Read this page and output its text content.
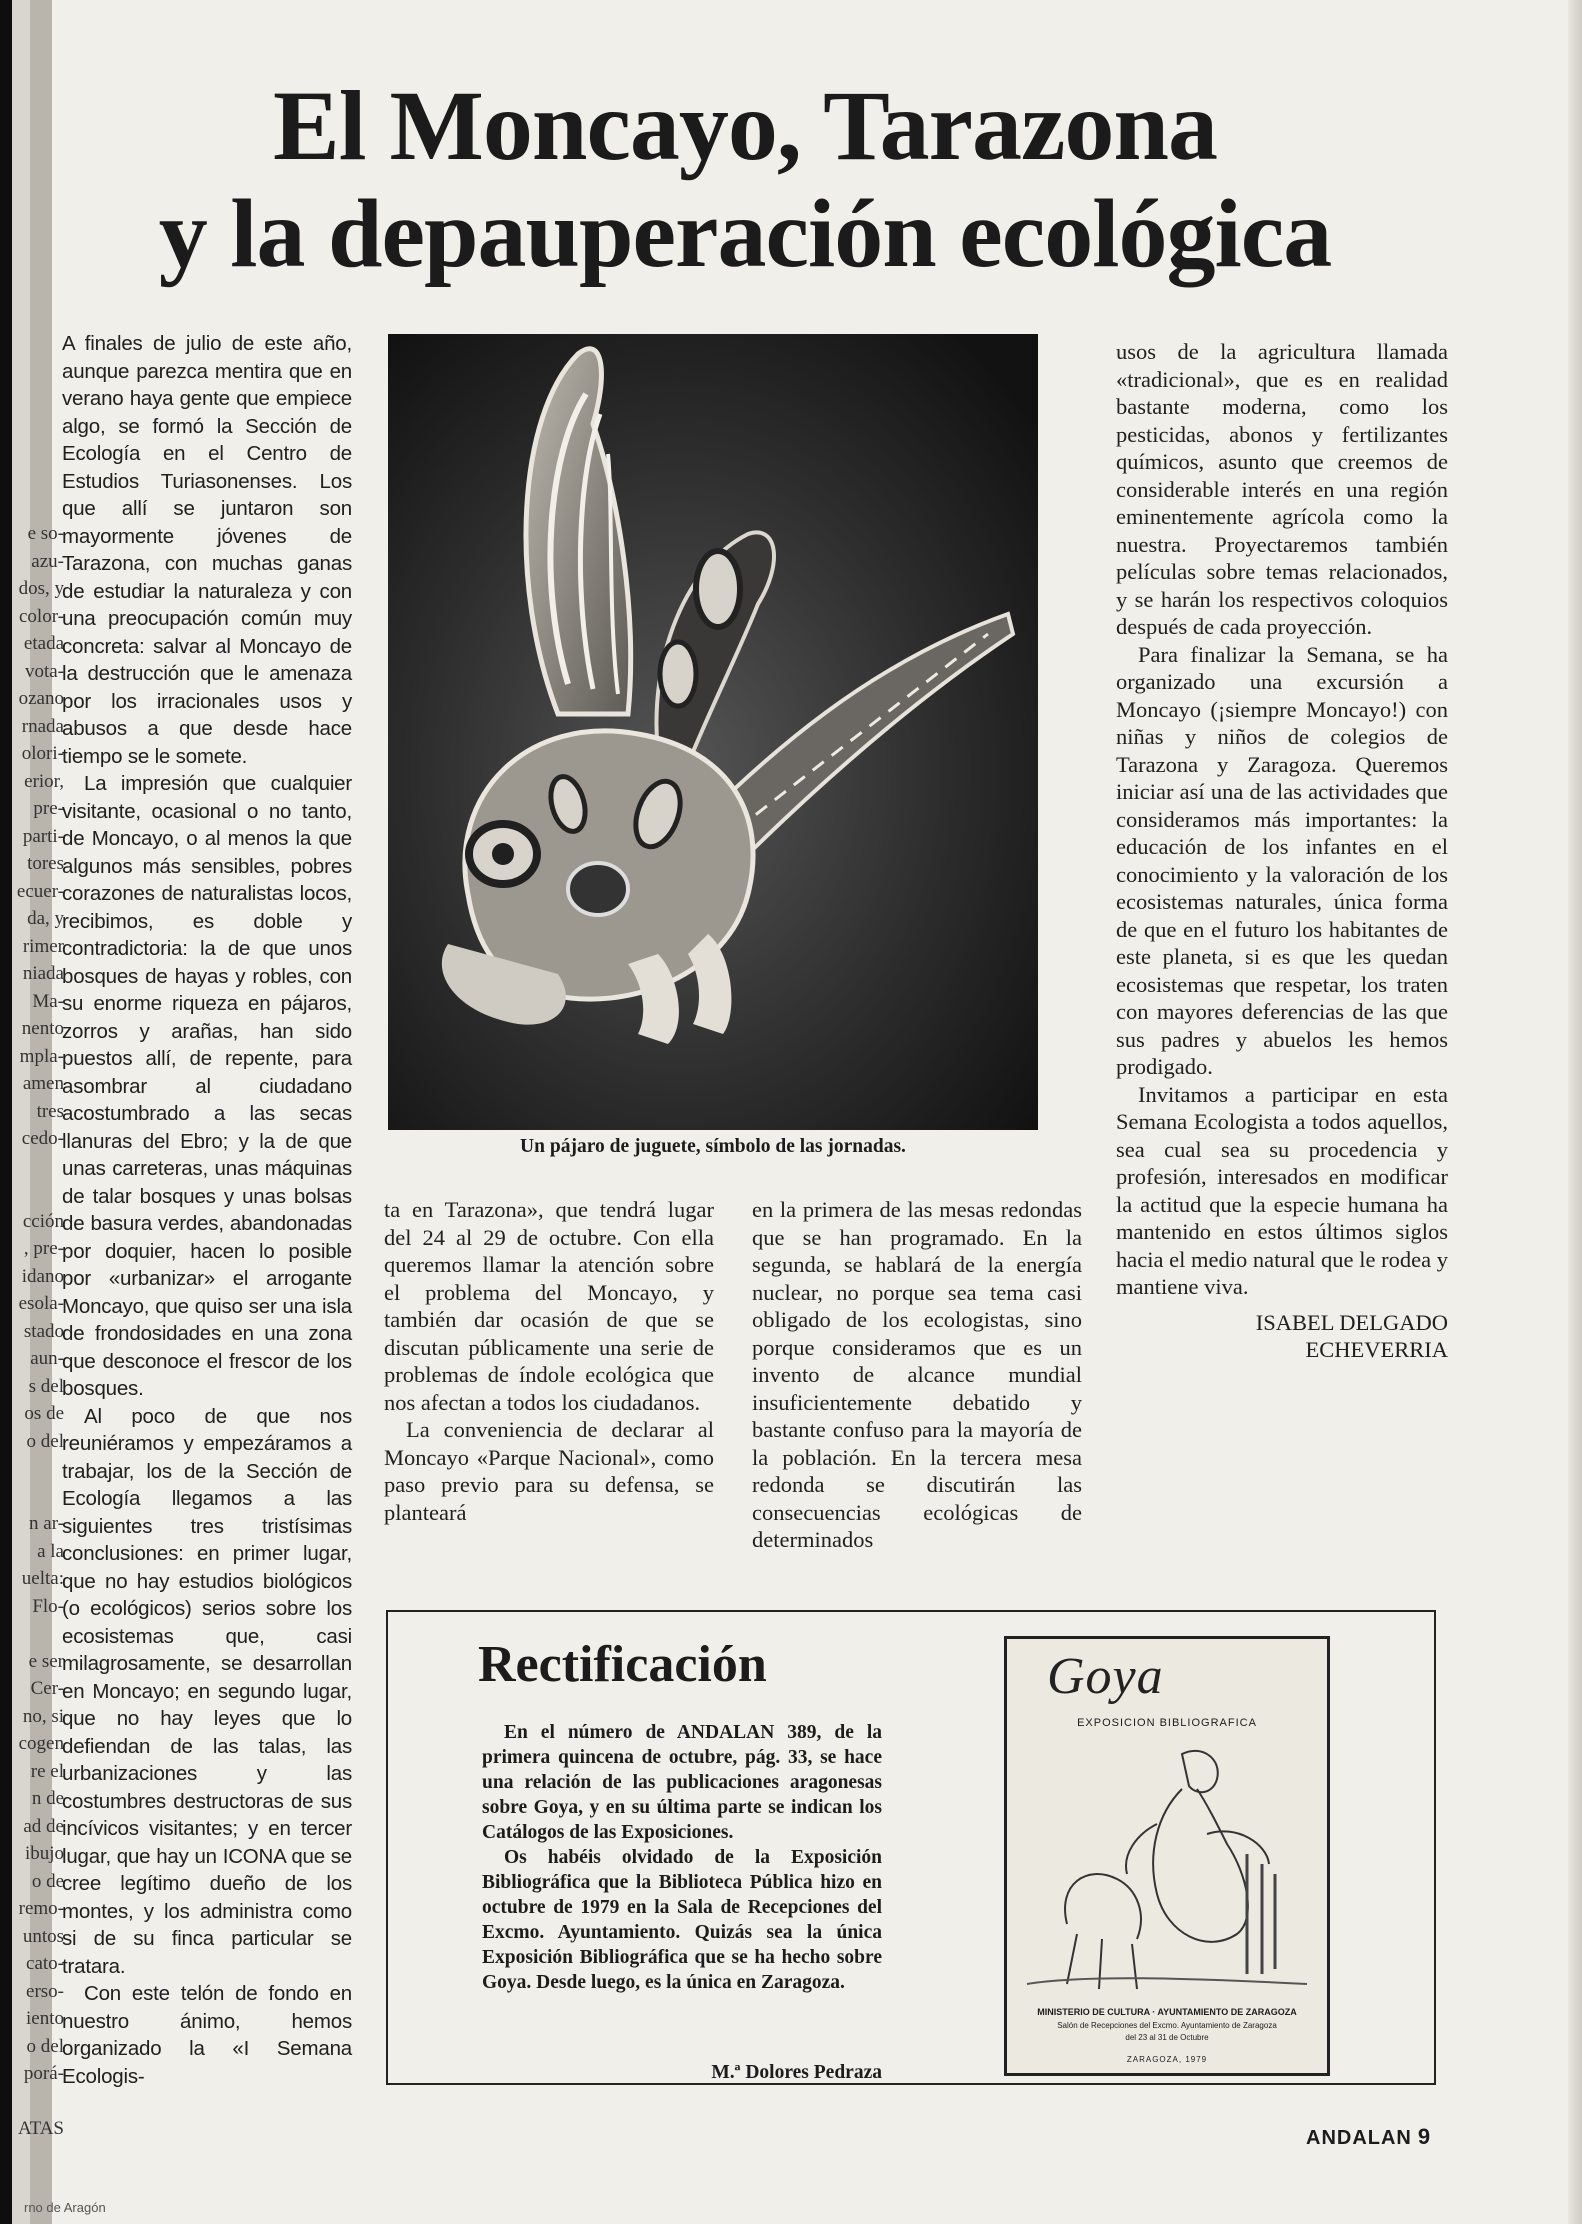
e so-
azu-
dos, y
color-
etada
vota-
ozano
rnada
olori-
erior,
pre-
parti-
tores
ecuer-
da, y
rimer
niada
Ma-
nento
mpla-
amen
tres
cedo-

cción
, pre-
idano
esola-
stado
aun-
s del
os de
o del

n ar-
a la
uelta:
Flo-

e ser
Cer-
no, si
cogen
re el
n de
ad de
ibujo
o de
remo-
untos
cato-
erso-
iento
o del
porá-

ATAS
El Moncayo, Tarazona
y la depauperación ecológica

A finales de julio de este año, aunque parezca mentira que en verano haya gente que empiece algo, se formó la Sección de Ecología en el Centro de Estudios Turiasonenses. Los que allí se juntaron son mayormente jóvenes de Tarazona, con muchas ganas de estudiar la naturaleza y con una preocupación común muy concreta: salvar al Moncayo de la destrucción que le amenaza por los irracionales usos y abusos a que desde hace tiempo se le somete.

La impresión que cualquier visitante, ocasional o no tanto, de Moncayo, o al menos la que algunos más sensibles, pobres corazones de naturalistas locos, recibimos, es doble y contradictoria: la de que unos bosques de hayas y robles, con su enorme riqueza en pájaros, zorros y arañas, han sido puestos allí, de repente, para asombrar al ciudadano acostumbrado a las secas llanuras del Ebro; y la de que unas carreteras, unas máquinas de talar bosques y unas bolsas de basura verdes, abandonadas por doquier, hacen lo posible por «urbanizar» el arrogante Moncayo, que quiso ser una isla de frondosidades en una zona que desconoce el frescor de los bosques.

Al poco de que nos reuniéramos y empezáramos a trabajar, los de la Sección de Ecología llegamos a las siguientes tres tristísimas conclusiones: en primer lugar, que no hay estudios biológicos (o ecológicos) serios sobre los ecosistemas que, casi milagrosamente, se desarrollan en Moncayo; en segundo lugar, que no hay leyes que lo defiendan de las talas, las urbanizaciones y las costumbres destructoras de sus incívicos visitantes; y en tercer lugar, que hay un ICONA que se cree legítimo dueño de los montes, y los administra como si de su finca particular se tratara.

Con este telón de fondo en nuestro ánimo, hemos organizado la «I Semana Ecologis-

Un pájaro de juguete, símbolo de las jornadas.

ta en Tarazona», que tendrá lugar del 24 al 29 de octubre. Con ella queremos llamar la atención sobre el problema del Moncayo, y también dar ocasión de que se discutan públicamente una serie de problemas de índole ecológica que nos afectan a todos los ciudadanos.

La conveniencia de declarar al Moncayo «Parque Nacional», como paso previo para su defensa, se planteará

en la primera de las mesas redondas que se han programado. En la segunda, se hablará de la energía nuclear, no porque sea tema casi obligado de los ecologistas, sino porque consideramos que es un invento de alcance mundial insuficientemente debatido y bastante confuso para la mayoría de la población. En la tercera mesa redonda se discutirán las consecuencias ecológicas de determinados

usos de la agricultura llamada «tradicional», que es en realidad bastante moderna, como los pesticidas, abonos y fertilizantes químicos, asunto que creemos de considerable interés en una región eminentemente agrícola como la nuestra. Proyectaremos también películas sobre temas relacionados, y se harán los respectivos coloquios después de cada proyección.

Para finalizar la Semana, se ha organizado una excursión a Moncayo (¡siempre Moncayo!) con niñas y niños de colegios de Tarazona y Zaragoza. Queremos iniciar así una de las actividades que consideramos más importantes: la educación de los infantes en el conocimiento y la valoración de los ecosistemas naturales, única forma de que en el futuro los habitantes de este planeta, si es que les quedan ecosistemas que respetar, los traten con mayores deferencias de las que sus padres y abuelos les hemos prodigado.

Invitamos a participar en esta Semana Ecologista a todos aquellos, sea cual sea su procedencia y profesión, interesados en modificar la actitud que la especie humana ha mantenido en estos últimos siglos hacia el medio natural que le rodea y mantiene viva.

ISABEL DELGADO
ECHEVERRIA
Rectificación

En el número de ANDALAN 389, de la primera quincena de octubre, pág. 33, se hace una relación de las publicaciones aragonesas sobre Goya, y en su última parte se indican los Catálogos de las Exposiciones.

Os habéis olvidado de la Exposición Bibliográfica que la Biblioteca Pública hizo en octubre de 1979 en la Sala de Recepciones del Excmo. Ayuntamiento. Quizás sea la única Exposición Bibliográfica que se ha hecho sobre Goya. Desde luego, es la única en Zaragoza.

M.ª Dolores Pedraza
Goya
EXPOSICION BIBLIOGRAFICA
MINISTERIO DE CULTURA · AYUNTAMIENTO DE ZARAGOZA
Salón de Recepciones del Excmo. Ayuntamiento de Zaragoza
del 23 al 31 de Octubre
ZARAGOZA, 1979
ANDALAN 9
rno de Aragón
